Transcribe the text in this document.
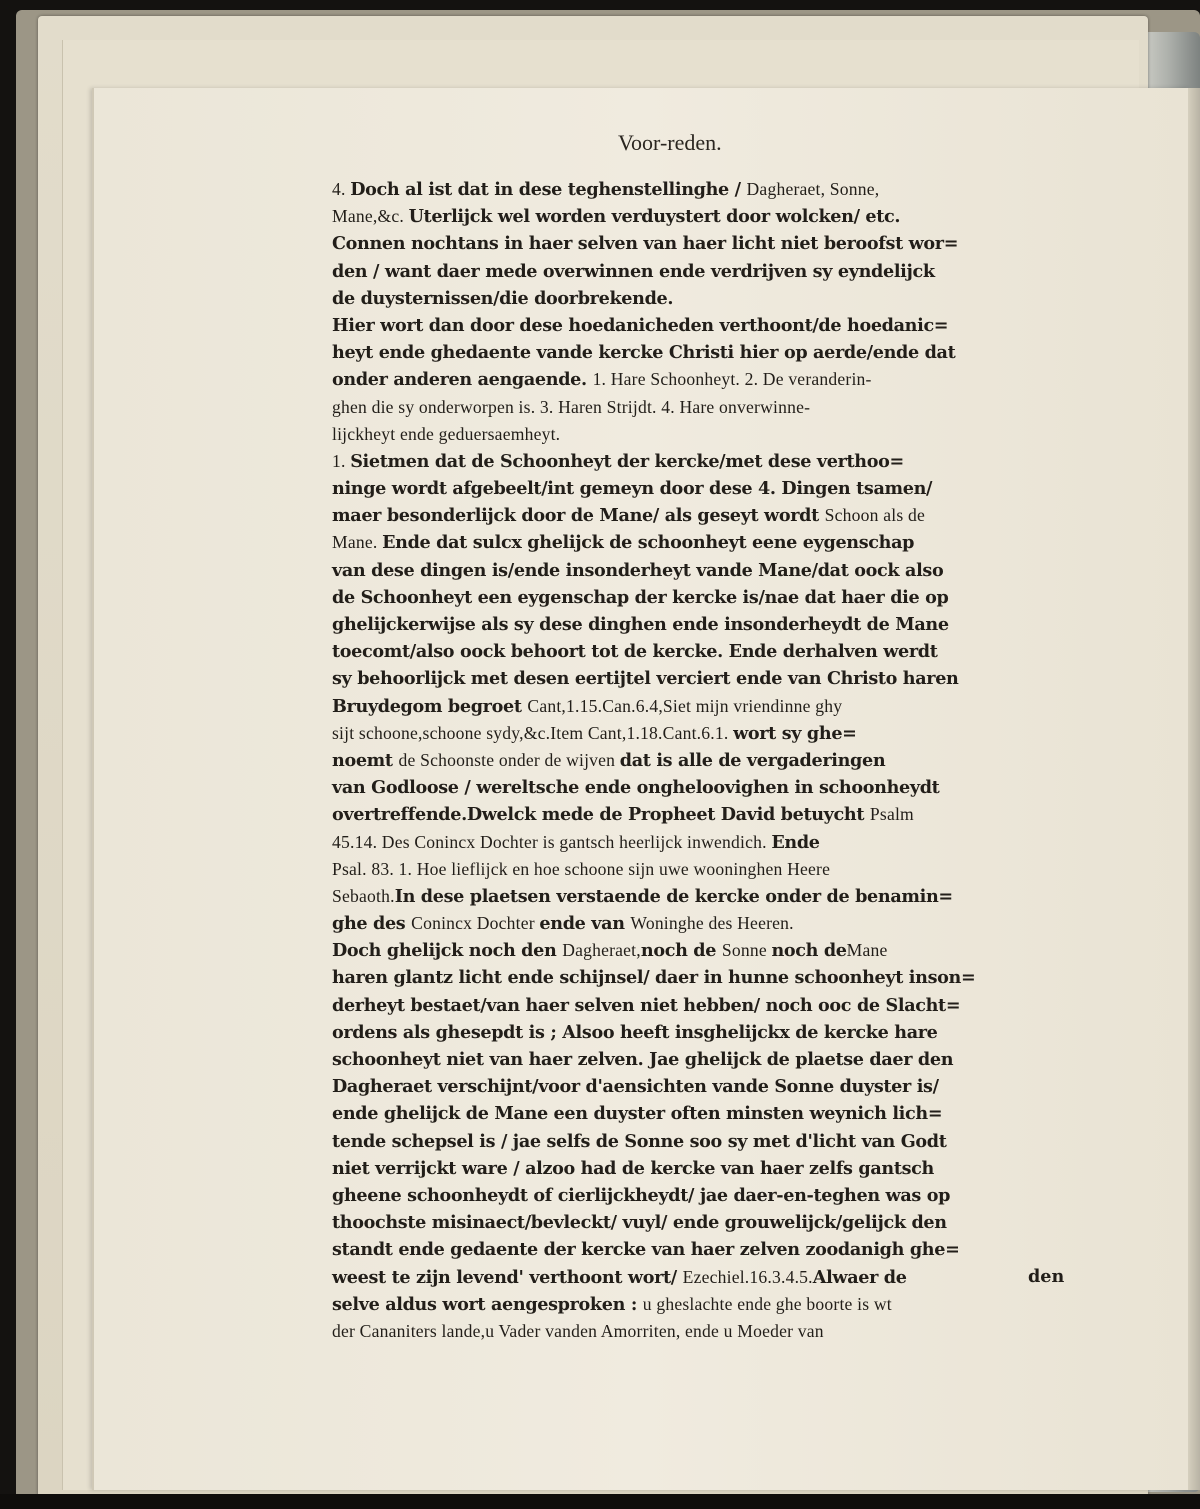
Voor-reden.
4. Doch al ist dat in dese teghenstellinghe / Dagheraet, Sonne,
Mane,&c. Uterlijck wel worden verduystert door wolcken/ etc.
Connen nochtans in haer selven van haer licht niet beroofst wor=
den / want daer mede overwinnen ende verdrijven sy eyndelijck
de duysternissen/die doorbrekende.
Hier wort dan door dese hoedanicheden verthoont/de hoedanic=
heyt ende ghedaente vande kercke Christi hier op aerde/ende dat
onder anderen aengaende. 1. Hare Schoonheyt. 2. De veranderin-
ghen die sy onderworpen is. 3. Haren Strijdt. 4. Hare onverwinne-
lijckheyt ende geduersaemheyt.
1. Sietmen dat de Schoonheyt der kercke/met dese verthoo=
ninge wordt afgebeelt/int gemeyn door dese 4. Dingen tsamen/
maer besonderlijck door de Mane/ als geseyt wordt Schoon als de
Mane. Ende dat sulcx ghelijck de schoonheyt eene eygenschap
van dese dingen is/ende insonderheyt vande Mane/dat oock also
de Schoonheyt een eygenschap der kercke is/nae dat haer die op
ghelijckerwijse als sy dese dinghen ende insonderheydt de Mane
toecomt/also oock behoort tot de kercke. Ende derhalven werdt
sy behoorlijck met desen eertijtel verciert ende van Christo haren
Bruydegom begroet Cant,1.15.Can.6.4,Siet mijn vriendinne ghy
sijt schoone,schoone sydy,&c.Item Cant,1.18.Cant.6.1. wort sy ghe=
noemt de Schoonste onder de wijven dat is alle de vergaderingen
van Godloose / wereltsche ende ongheloovighen in schoonheydt
overtreffende.Dwelck mede de Propheet David betuycht Psalm
45.14. Des Conincx Dochter is gantsch heerlijck inwendich. Ende
Psal. 83. 1. Hoe lieflijck en hoe schoone sijn uwe wooninghen Heere
Sebaoth.In dese plaetsen verstaende de kercke onder de benamin=
ghe des Conincx Dochter ende van Woninghe des Heeren.
Doch ghelijck noch den Dagheraet,noch de Sonne noch deMane
haren glantz licht ende schijnsel/ daer in hunne schoonheyt inson=
derheyt bestaet/van haer selven niet hebben/ noch ooc de Slacht=
ordens als ghesepdt is ; Alsoo heeft insghelijckx de kercke hare
schoonheyt niet van haer zelven. Jae ghelijck de plaetse daer den
Dagheraet verschijnt/voor d'aensichten vande Sonne duyster is/
ende ghelijck de Mane een duyster often minsten weynich lich=
tende schepsel is / jae selfs de Sonne soo sy met d'licht van Godt
niet verrijckt ware / alzoo had de kercke van haer zelfs gantsch
gheene schoonheydt of cierlijckheydt/ jae daer-en-teghen was op
thoochste misinaect/bevleckt/ vuyl/ ende grouwelijck/gelijck den
standt ende gedaente der kercke van haer zelven zoodanigh ghe=
weest te zijn levend' verthoont wort/ Ezechiel.16.3.4.5.Alwaer de
selve aldus wort aengesproken : u gheslachte ende ghe boorte is wt
der Cananiters lande,u Vader vanden Amorriten, ende u Moeder van
den
